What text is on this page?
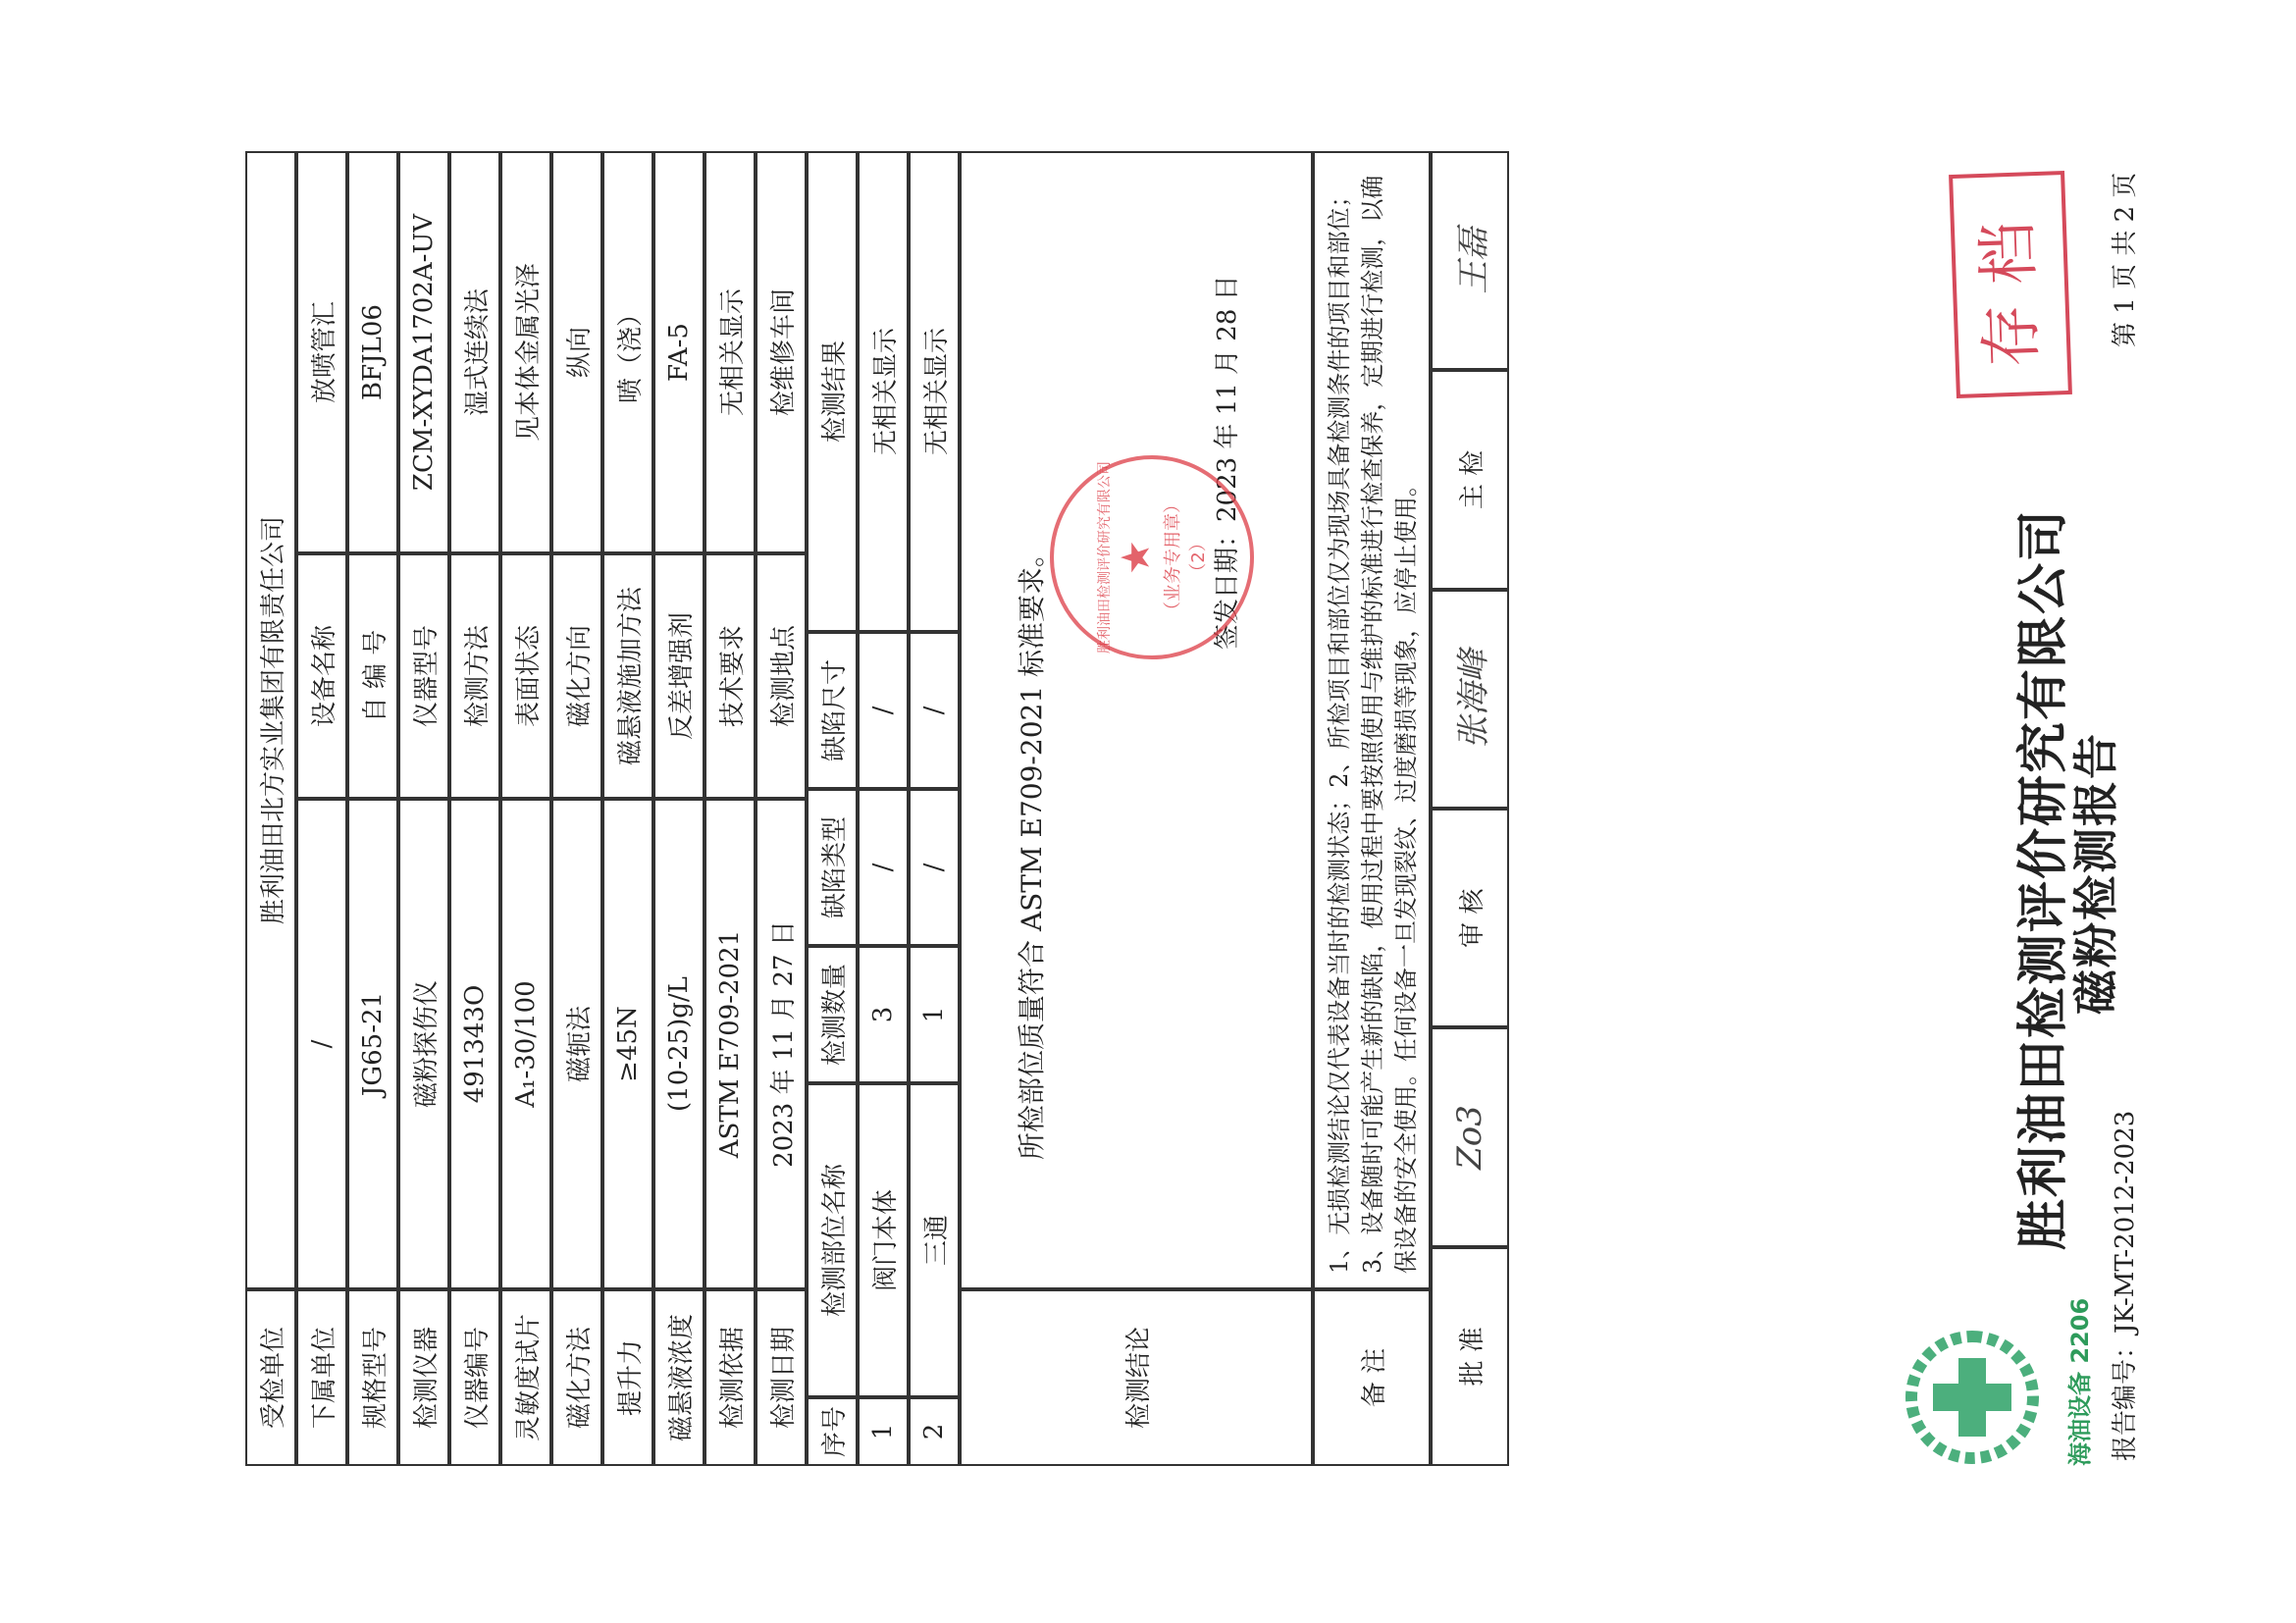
海油设备 2206
胜利油田检测评价研究有限公司
磁粉检测报告
报告编号：JK-MT-2012-2023
第 1 页 共 2 页
存档
受检单位
胜利油田北方实业集团有限责任公司
下属单位
/
设备名称
放喷管汇
规格型号
JG65-21
自 编 号
BFJL06
检测仪器
磁粉探伤仪
仪器型号
ZCM-XYDA1702A-UV
仪器编号
491343O
检测方法
湿式连续法
灵敏度试片
A₁-30/100
表面状态
见本体金属光泽
磁化方法
磁轭法
磁化方向
纵向
提升力
≥45N
磁悬液施加方法
喷（浇）
磁悬液浓度
(10-25)g/L
反差增强剂
FA-5
检测依据
ASTM E709-2021
技术要求
无相关显示
检测日期
2023 年 11 月 27 日
检测地点
检维修车间
序号
检测部位名称
检测数量
缺陷类型
缺陷尺寸
检测结果
1
阀门本体
3
/
/
无相关显示
2
三通
1
/
/
无相关显示
检测结论
所检部位质量符合 ASTM E709-2021 标准要求。
签发日期：2023 年 11 月 28 日
胜利油田检测评价研究有限公司 ★ （业务专用章） （2）
备 注
1、无损检测结论仅代表设备当时的检测状态；2、所检项目和部位仅为现场具备检测条件的项目和部位；3、设备随时可能产生新的缺陷，使用过程中要按照使用与维护的标准进行检查保养，定期进行检测，以确保设备的安全使用。任何设备一旦发现裂纹、过度磨损等现象，应停止使用。
批 准
Zo3
审 核
张海峰
主 检
王磊
